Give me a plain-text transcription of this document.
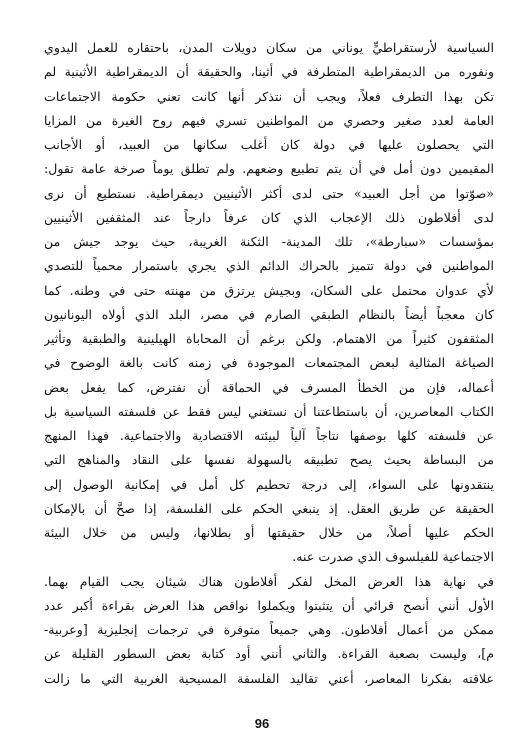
السياسية لأرستقراطيٍّ يوناني من سكان دويلات المدن، باحتقاره للعمل اليدوي
ونفوره من الديمقراطية المتطرفة في أثينا، والحقيقة أن الديمقراطية الأثينية لم
تكن بهذا التطرف فعلاً، ويجب أن نتذكر أنها كانت تعني حكومة الاجتماعات
العامة لعدد صغير وحصري من المواطنين تسري فيهم روح الغيرة من المزايا
التي يحصلون عليها في دولة كان أغلب سكانها من العبيد، أو الأجانب
المقيمين دون أمل في أن يتم تطبيع وضعهم. ولم تطلق يوماً صرخة عامة تقول:
«صوّتوا من أجل العبيد» حتى لدى أكثر الأثينيين ديمقراطية. نستطيع أن نرى
لدى أفلاطون ذلك الإعجاب الذي كان عرفاً دارجاً عند المثقفين الأثينيين
بمؤسسات «سبارطة»، تلك المدينة- الثكنة الغريبة، حيث يوجد جيش من
المواطنين في دولة تتميز بالحراك الدائم الذي يجري باستمرار محمياً للتصدي
لأي عدوان محتمل على السكان، وبجيش يرتزق من مهنته حتى في وطنه. كما
كان معجباً أيضاً بالنظام الطبقي الصارم في مصر، البلد الذي أولاه اليونانيون
المثقفون كثيراً من الاهتمام. ولكن برغم أن المحاباة الهيلينية والطبقية وتأثير
الصياغة المثالية لبعض المجتمعات الموجودة في زمنه كانت بالغة الوضوح في
أعماله، فإن من الخطأ المسرف في الحماقة أن نفترض، كما يفعل بعض
الكتاب المعاصرين، أن باستطاعتنا أن نستغني ليس فقط عن فلسفته السياسية بل
عن فلسفته كلها بوصفها نتاجاً آلياً لبيئته الاقتصادية والاجتماعية. فهذا المنهج
من البساطة بحيث يصح تطبيقه بالسهولة نفسها على النقاد والمناهج التي
ينتقدونها على السواء، إلى درجة تحطيم كل أمل في إمكانية الوصول إلى
الحقيقة عن طريق العقل. إذ ينبغي الحكم على الفلسفة، إذا صحَّ أن بالإمكان
الحكم عليها أصلاً، من خلال حقيقتها أو بطلانها، وليس من خلال البيئة
الاجتماعية للفيلسوف الذي صدرت عنه.
في نهاية هذا العرض المخل لفكر أفلاطون هناك شيئان يجب القيام بهما.
الأول أنني أنصح قرائي أن يتثبتوا ويكملوا نواقص هذا العرض بقراءة أكبر عدد
ممكن من أعمال أفلاطون. وهي جميعاً متوفرة في ترجمات إنجليزية [وعربية-
م]، وليست بصعبة القراءة. والثاني أنني أود كتابة بعض السطور القليلة عن
علاقته بفكرنا المعاصر، أعني تقاليد الفلسفة المسيحية الغربية التي ما زالت
96
